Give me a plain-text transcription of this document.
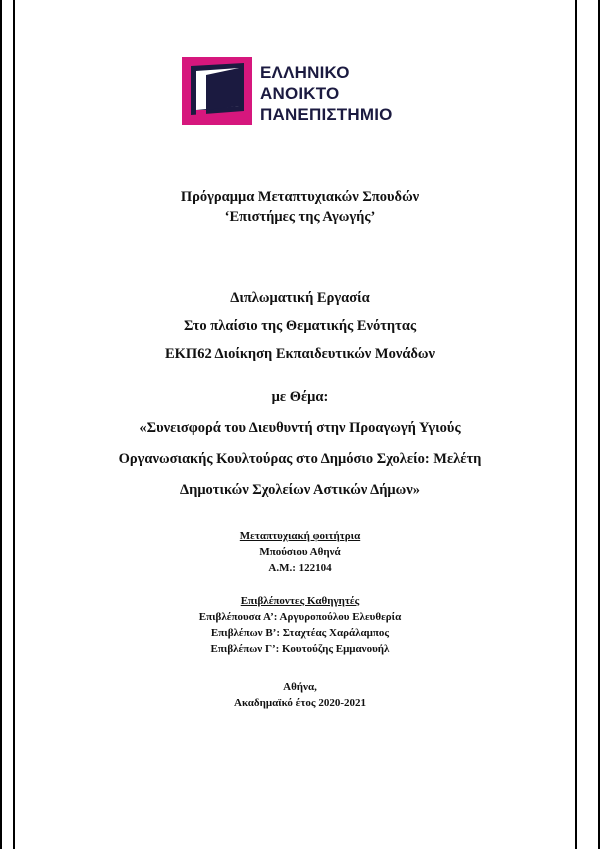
ΕΛΛΗΝΙΚΟ
ΑΝΟΙΚΤΟ
ΠΑΝΕΠΙΣΤΗΜΙΟ
Πρόγραμμα Μεταπτυχιακών Σπουδών
‘Επιστήμες της Αγωγής’
Διπλωματική Εργασία
Στο πλαίσιο της Θεματικής Ενότητας
ΕΚΠ62 Διοίκηση Εκπαιδευτικών Μονάδων
με Θέμα:
«Συνεισφορά του Διευθυντή στην Προαγωγή Υγιούς
Οργανωσιακής Κουλτούρας στο Δημόσιο Σχολείο: Μελέτη
Δημοτικών Σχολείων Αστικών Δήμων»
Μεταπτυχιακή φοιτήτρια
Μπούσιου Αθηνά
Α.Μ.: 122104
Επιβλέποντες Καθηγητές
Επιβλέπουσα Α’: Αργυροπούλου Ελευθερία
Επιβλέπων Β’: Σταχτέας Χαράλαμπος
Επιβλέπων Γ’: Κουτούζης Εμμανουήλ
Αθήνα,
Ακαδημαϊκό έτος 2020-2021
